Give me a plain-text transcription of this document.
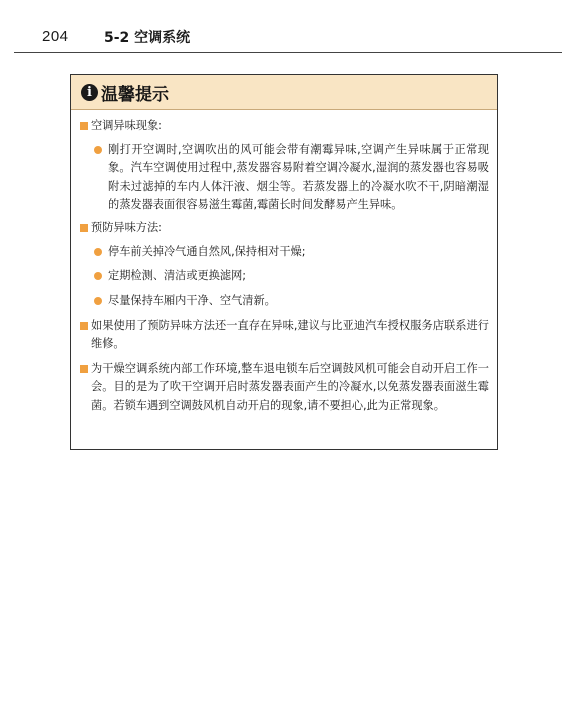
204	5-2 空调系统
i 温馨提示
空调异味现象:
刚打开空调时,空调吹出的风可能会带有潮霉异味,空调产生异味属于正常现象。汽车空调使用过程中,蒸发器容易附着空调冷凝水,湿润的蒸发器也容易吸附未过滤掉的车内人体汗液、烟尘等。若蒸发器上的冷凝水吹不干,阴暗潮湿的蒸发器表面很容易滋生霉菌,霉菌长时间发酵易产生异味。
预防异味方法:
停车前关掉冷气通自然风,保持相对干燥;
定期检测、清洁或更换滤网;
尽量保持车厢内干净、空气清新。
如果使用了预防异味方法还一直存在异味,建议与比亚迪汽车授权服务店联系进行维修。
为干燥空调系统内部工作环境,整车退电锁车后空调鼓风机可能会自动开启工作一会。目的是为了吹干空调开启时蒸发器表面产生的冷凝水,以免蒸发器表面滋生霉菌。若锁车遇到空调鼓风机自动开启的现象,请不要担心,此为正常现象。
